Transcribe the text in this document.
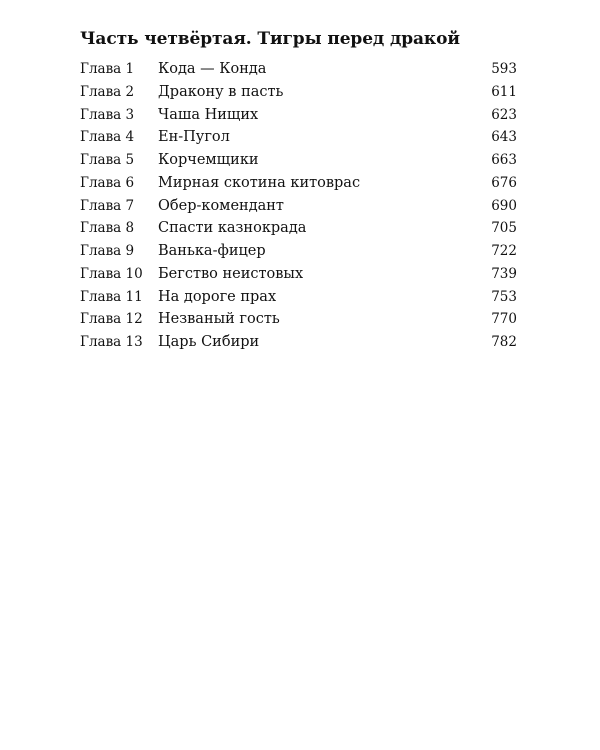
Часть четвёртая. Тигры перед дракой
Глава 1 Кода — Конда	593
Глава 2 Дракону в пасть	611
Глава 3 Чаша Нищих	623
Глава 4 Ен-Пугол	643
Глава 5 Корчемщики	663
Глава 6 Мирная скотина китоврас	676
Глава 7 Обер-комендант	690
Глава 8 Спасти казнокрада	705
Глава 9 Ванька-фицер	722
Глава 10 Бегство неистовых	739
Глава 11 На дороге прах	753
Глава 12 Незваный гость	770
Глава 13 Царь Сибири	782
